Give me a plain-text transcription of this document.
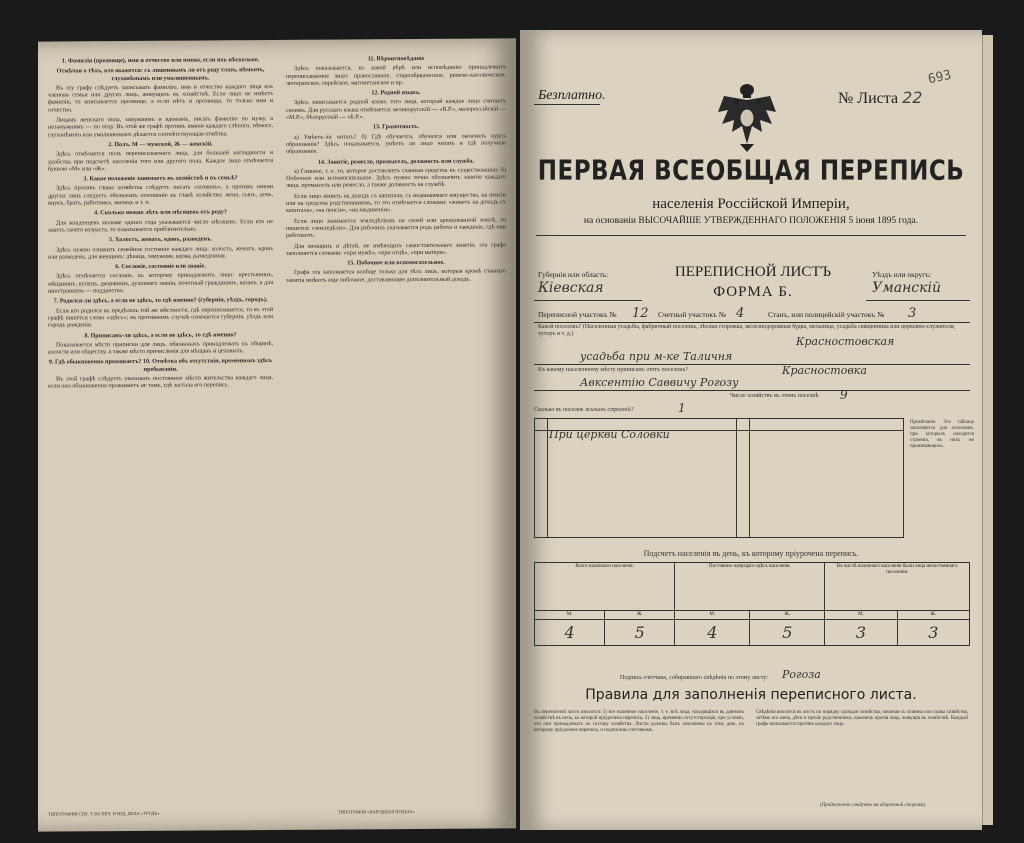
1. Фамилія (прозвище), имя и отчество или имена, если ихъ нѣсколько.
Отмѣчая о тѣхъ, кто окажется: съ лишеннымъ ли отъ роду глазъ, нѣмымъ, глухонѣмымъ или умалишеннымъ.

Въ эту графу слѣдуетъ записывать фамилію, имя и отчество каждаго лица изъ членовъ семьи или других лицъ, живущихъ въ хозяйствѣ. Если лицо не имѣетъ фамиліи, то вписывается прозвище, а если нѣтъ и прозвища, то только имя и отчество.

Лицамъ женскаго пола, замужнимъ и вдовымъ, писать фамилію по мужу, а незамужнимъ — по отцу. Въ этой же графѣ противъ имени каждаго слѣпого, нѣмого, глухонѣмого или умалишеннаго дѣлается соотвѣтствующая отмѣтка.

2. Полъ. М — мужской, Ж — женскій.

Здѣсь отмѣчается полъ переписываемаго лица, для большей наглядности и удобства при подсчетѣ населенія того или другого пола. Каждое лицо отмѣчается буквою «М» или «Ж».

3. Какое положеніе занимаетъ въ хозяйствѣ и въ семьѣ?

Здѣсь противъ главы хозяйства слѣдуетъ писать «хозяинъ», а противъ имени других лицъ следуетъ обозначать отношеніе къ главѣ хозяйства: жена, сынъ, дочь, внукъ, братъ, работникъ, жилецъ и т. п.

4. Сколько можно лѣтъ или мѣсяцевъ отъ роду?

Для младенцевъ моложе одного года указывается число мѣсяцевъ. Если кто не знаетъ своего возраста, то показывается приблизительно.

5. Холостъ, женатъ, вдовъ, разведенъ.

Здѣсь нужно означить семейное состояніе каждаго лица: холостъ, женатъ, вдовъ или разведенъ, для женщинъ: дѣвица, замужняя, вдова, разведенная.

6. Сословіе, состояніе или званіе.

Здѣсь отмѣчается сословіе, къ которому принадлежитъ лицо: крестьянинъ, мѣщанинъ, купецъ, дворянинъ, духовнаго званія, почетный гражданинъ, казакъ, а для иностранцевъ — подданство.

7. Родился-ли здѣсь, а если не здѣсь, то гдѣ именно? (губернія, уѣздъ, городъ).

Если кто родился въ предѣлахъ той же мѣстности, гдѣ переписывается, то въ этой графѣ пишется слово «здѣсь»; въ противномъ случаѣ означается губернія, уѣздъ или городъ рожденія.

8. Приписанъ-ли здѣсь, а если не здѣсь, то гдѣ именно?

Показывается мѣсто приписки для лицъ, обязанныхъ принадлежать къ общинѣ, волости или обществу, а также мѣсто причисленія для мѣщанъ и цеховыхъ.

9. Гдѣ обыкновенно проживаетъ? 10. Отмѣтка объ отсутствіи, временномъ здѣсь пребываніи.

Въ этой графѣ слѣдуетъ указывать постоянное мѣсто жительства каждаго лица, если оно обыкновенно проживаетъ не тамъ, гдѣ застала его перепись.

11. Вѣроисповѣданіе

Здѣсь показывается, къ какой вѣрѣ или исповѣданію принадлежитъ переписываемое лицо: православное, старообрядческое, римско-католическое, лютеранское, еврейское, магометанское и пр.

12. Родной языкъ.

Здѣсь записывается родной языкъ того лица, который каждое лицо считаетъ своимъ. Для русскаго языка отмѣчается: великорусскій — «В.Р.», малороссійскій — «М.Р.», бѣлорусскій — «Б.Р.».

13. Грамотность.

а) Умѣетъ-ли читать? б) Гдѣ обучается, обучался или окончилъ курсъ образованія? Здѣсь показывается, умѣетъ ли лицо читать и гдѣ получило образованіе.

14. Занятіе, ремесло, промыселъ, должность или служба.

а) Главное, т. е. то, которое доставляетъ главныя средства къ существованію; б) Побочное или вспомогательное. Здѣсь нужно точно обозначить занятіе каждаго лица, промыселъ или ремесло, а также должность на службѣ.

Если лицо живетъ на доходъ съ капитала, съ недвижимаго имущества, на пенсіи или на средства родственниковъ, то это отмѣчается словами: «живетъ на доходъ съ капитала», «на пенсіи», «на иждивеніи».

Если лицо занимается земледѣліемъ на своей или арендованной землѣ, то пишется: «земледѣліе». Для рабочихъ указывается родъ работы и заведеніе, гдѣ они работаютъ.

Для женщинъ и дѣтей, не имѣющихъ самостоятельнаго занятія, эта графа заполняется словами: «при мужѣ», «при отцѣ», «при матери».

15. Побочное или вспомогательное.

Графа эта заполняется вообще только для тѣхъ лицъ, которыя кромѣ главнаго занятія имѣютъ еще побочное, доставляющее дополнительный доходъ.

ТИПОГРАФИЯ СПБ. Т-ВА ПЕЧ. И ИЗД. ДѢЛА «ТРУДЪ»	ТИПОГРАФІЯ «НАРОДНАЯ ПОЛЬЗА»
Безплатно.	№ Листа 22
693
ПЕРВАЯ ВСЕОБЩАЯ ПЕРЕПИСЬ
населенія Россійской Имперіи,
на основаніи ВЫСОЧАЙШЕ УТВЕРЖДЕННАГО ПОЛОЖЕНІЯ 5 іюня 1895 года.
Губернія или область:
Кіевская
ПЕРЕПИСНОЙ ЛИСТЪ
ФОРМА Б.
Уѣздъ или округъ:
Уманскій
Переписной участокъ № 12 Счетный участокъ № 4	Станъ, или полицейскій участокъ № 3
Какой поселокъ? (Населенныя усадьбы, фабричный поселокъ, лѣсная сторожка, железнодорожная будка, мельница, усадьба священника или церковно-служителя, хуторъ и т. д.)
Красностовская
усадьба при м-ке Таличня
Къ какому населенному мѣсту приписанъ этотъ поселокъ?	Красностовка
Авксентію Саввичу Рогозу
Число хозяйствъ въ этомъ поселкѣ 9
Сколько въ поселкѣ жилыхъ строеній?	1

	При церкви Соловки		
Примѣчаніе. Эта таблица заполняется для поселковъ, при которыхъ находятся строенія, въ нихъ же проживающихъ.
Подсчетъ населенія въ день, къ которому пріурочена перепись.
Всего наличнаго населенія.		Постоянно живущаго здѣсь населенія.		Въ числѣ наличнаго населенія были лица непостояннаго поселенія.	
М.	Ж.	М.	Ж.	М.	Ж.
4	5	4	5	3	3
Подпись счетчика, собиравшаго свѣдѣнія по этому листу: Рогоза
Правила для заполненія переписного листа.
Въ переписной листъ вносятся: 1) все наличное населеніе, т. е. всѣ лица, находящіяся въ данномъ хозяйствѣ въ ночь, къ которой пріурочена перепись; 2) лица, временно отсутствующія, при условіи, что они принадлежатъ къ составу хозяйства. Листы должны быть заполнены къ тому дню, къ которому пріурочена перепись, и подписаны счетчикомъ.
Свѣдѣнія вносятся въ листъ по порядку граждан хозяйства, начиная съ хозяина или главы хозяйства, затѣмъ его жена, дѣти и прочіе родственники, наконецъ прочія лица, живущія въ хозяйствѣ. Каждый графъ вписывается противъ каждаго лица.
(Продолженіе слѣдуетъ на оборотной сторонѣ)
